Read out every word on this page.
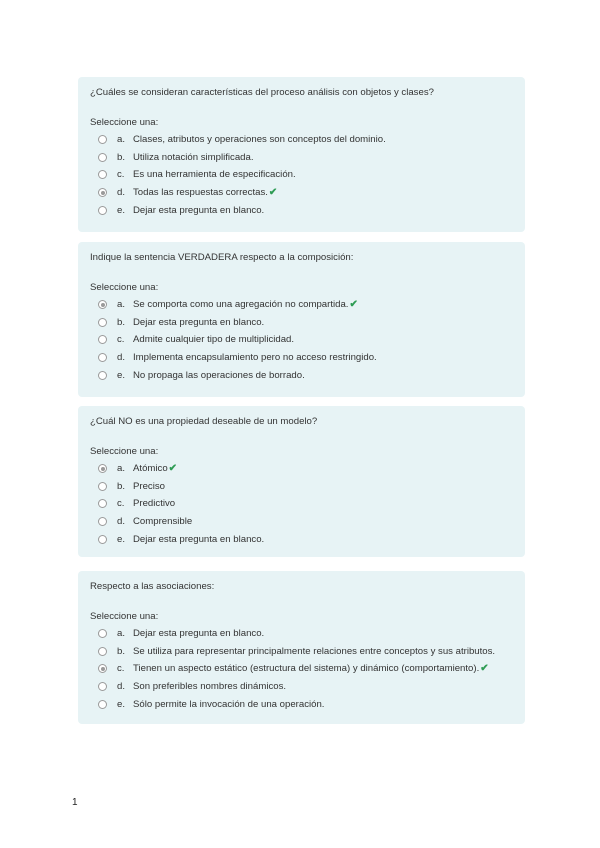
¿Cuáles se consideran características del proceso análisis con objetos y clases?
Seleccione una:
a. Clases, atributos y operaciones son conceptos del dominio.
b. Utiliza notación simplificada.
c. Es una herramienta de especificación.
d. Todas las respuestas correctas. ✔
e. Dejar esta pregunta en blanco.
Indique la sentencia VERDADERA respecto a la composición:
Seleccione una:
a. Se comporta como una agregación no compartida. ✔
b. Dejar esta pregunta en blanco.
c. Admite cualquier tipo de multiplicidad.
d. Implementa encapsulamiento pero no acceso restringido.
e. No propaga las operaciones de borrado.
¿Cuál NO es una propiedad deseable de un modelo?
Seleccione una:
a. Atómico ✔
b. Preciso
c. Predictivo
d. Comprensible
e. Dejar esta pregunta en blanco.
Respecto a las asociaciones:
Seleccione una:
a. Dejar esta pregunta en blanco.
b. Se utiliza para representar principalmente relaciones entre conceptos y sus atributos.
c. Tienen un aspecto estático (estructura del sistema) y dinámico (comportamiento). ✔
d. Son preferibles nombres dinámicos.
e. Sólo permite la invocación de una operación.
1
